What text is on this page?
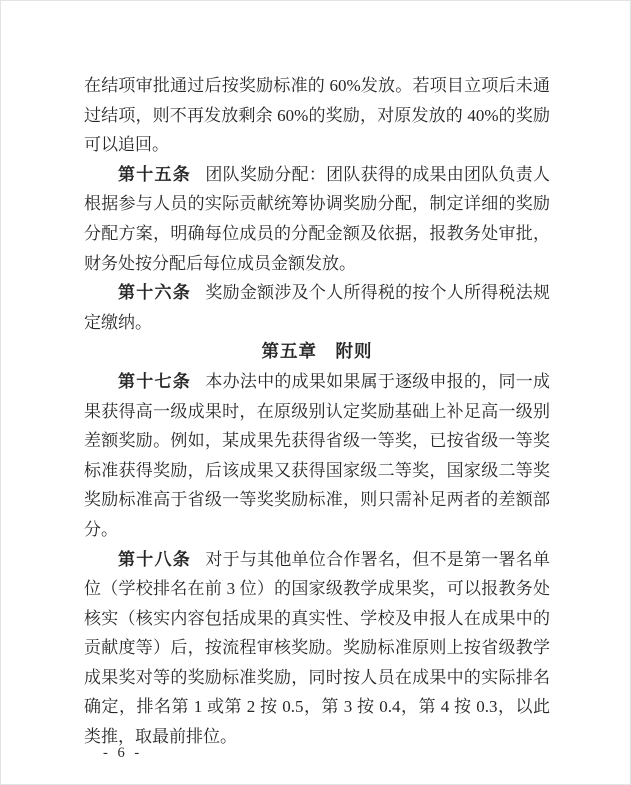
在结项审批通过后按奖励标准的 60%发放。若项目立项后未通过结项，则不再发放剩余 60%的奖励，对原发放的 40%的奖励可以追回。

第十五条 团队奖励分配：团队获得的成果由团队负责人根据参与人员的实际贡献统筹协调奖励分配，制定详细的奖励分配方案，明确每位成员的分配金额及依据，报教务处审批，财务处按分配后每位成员金额发放。

第十六条 奖励金额涉及个人所得税的按个人所得税法规定缴纳。

第五章　附则

第十七条 本办法中的成果如果属于逐级申报的，同一成果获得高一级成果时，在原级别认定奖励基础上补足高一级别差额奖励。例如，某成果先获得省级一等奖，已按省级一等奖标准获得奖励，后该成果又获得国家级二等奖，国家级二等奖奖励标准高于省级一等奖奖励标准，则只需补足两者的差额部分。

第十八条 对于与其他单位合作署名，但不是第一署名单位（学校排名在前 3 位）的国家级教学成果奖，可以报教务处核实（核实内容包括成果的真实性、学校及申报人在成果中的贡献度等）后，按流程审核奖励。奖励标准原则上按省级教学成果奖对等的奖励标准奖励，同时按人员在成果中的实际排名确定，排名第 1 或第 2 按 0.5，第 3 按 0.4，第 4 按 0.3，以此类推，取最前排位。

- 6 -
